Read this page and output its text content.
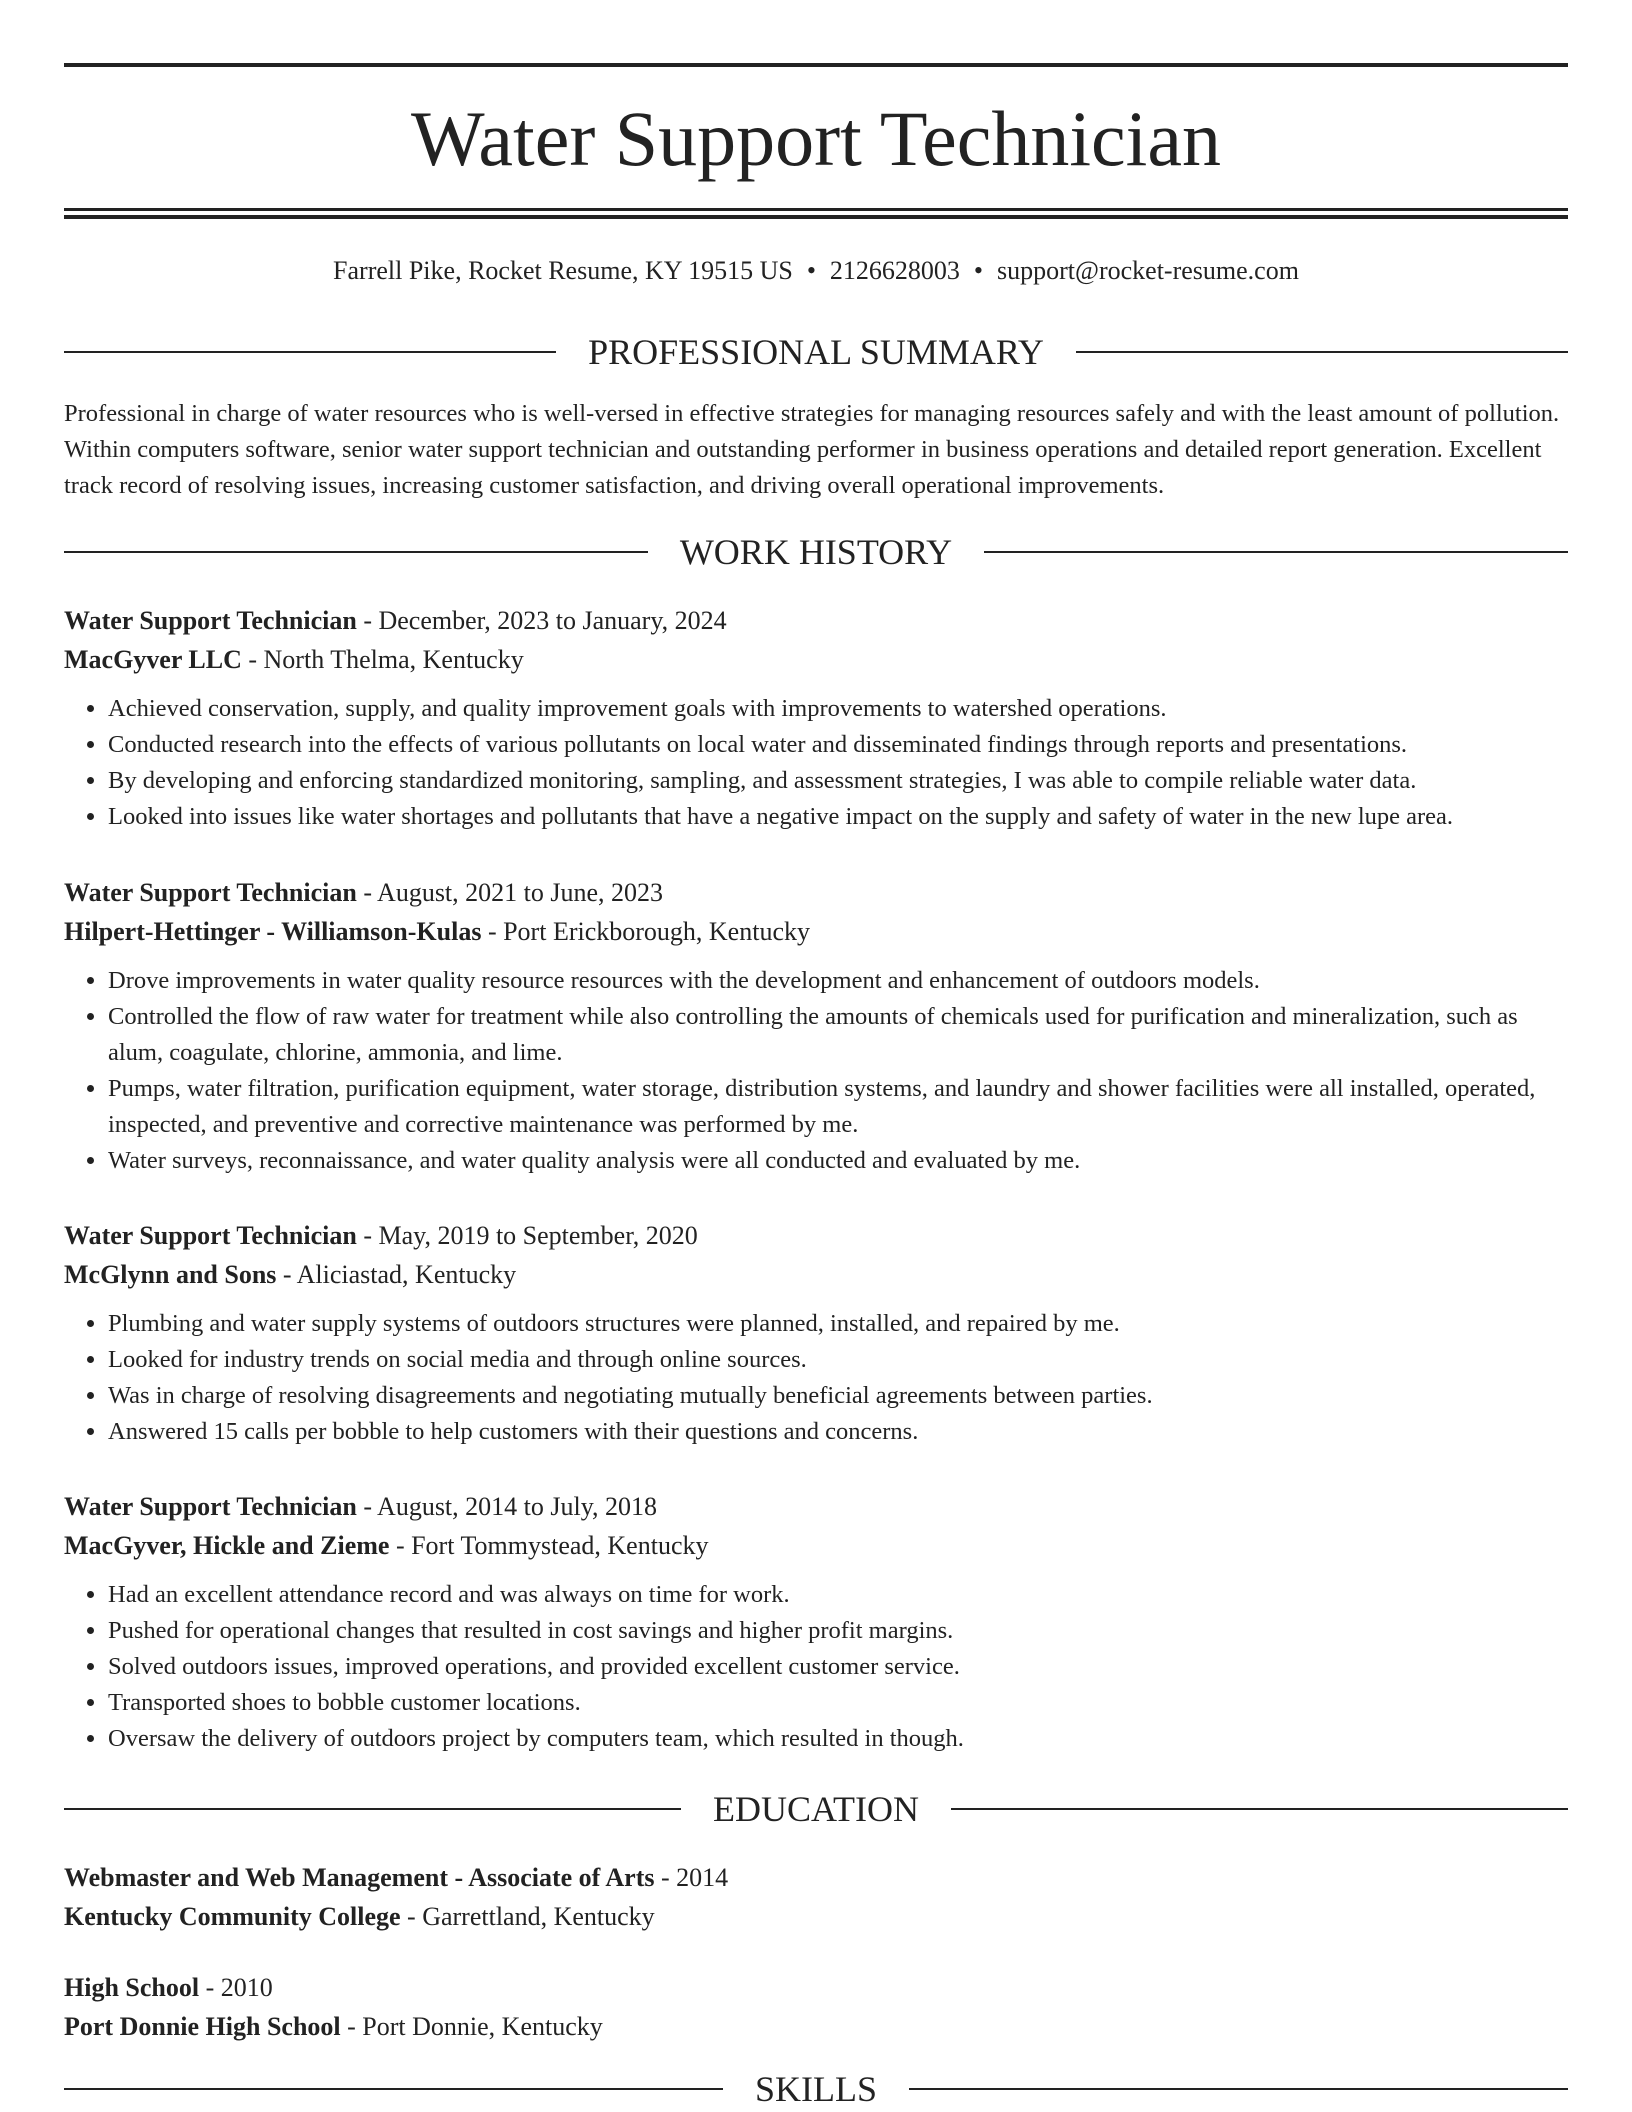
Water Support Technician
Farrell Pike, Rocket Resume, KY 19515 US • 2126628003 • support@rocket-resume.com
PROFESSIONAL SUMMARY

Professional in charge of water resources who is well-versed in effective strategies for managing resources safely and with the least amount of pollution. Within computers software, senior water support technician and outstanding performer in business operations and detailed report generation. Excellent track record of resolving issues, increasing customer satisfaction, and driving overall operational improvements.

WORK HISTORY

Water Support Technician - December, 2023 to January, 2024

MacGyver LLC - North Thelma, Kentucky

• Achieved conservation, supply, and quality improvement goals with improvements to watershed operations.
• Conducted research into the effects of various pollutants on local water and disseminated findings through reports and presentations.
• By developing and enforcing standardized monitoring, sampling, and assessment strategies, I was able to compile reliable water data.
• Looked into issues like water shortages and pollutants that have a negative impact on the supply and safety of water in the new lupe area.

Water Support Technician - August, 2021 to June, 2023

Hilpert-Hettinger - Williamson-Kulas - Port Erickborough, Kentucky

• Drove improvements in water quality resource resources with the development and enhancement of outdoors models.
• Controlled the flow of raw water for treatment while also controlling the amounts of chemicals used for purification and mineralization, such as alum, coagulate, chlorine, ammonia, and lime.
• Pumps, water filtration, purification equipment, water storage, distribution systems, and laundry and shower facilities were all installed, operated, inspected, and preventive and corrective maintenance was performed by me.
• Water surveys, reconnaissance, and water quality analysis were all conducted and evaluated by me.

Water Support Technician - May, 2019 to September, 2020

McGlynn and Sons - Aliciastad, Kentucky

• Plumbing and water supply systems of outdoors structures were planned, installed, and repaired by me.
• Looked for industry trends on social media and through online sources.
• Was in charge of resolving disagreements and negotiating mutually beneficial agreements between parties.
• Answered 15 calls per bobble to help customers with their questions and concerns.

Water Support Technician - August, 2014 to July, 2018

MacGyver, Hickle and Zieme - Fort Tommystead, Kentucky

• Had an excellent attendance record and was always on time for work.
• Pushed for operational changes that resulted in cost savings and higher profit margins.
• Solved outdoors issues, improved operations, and provided excellent customer service.
• Transported shoes to bobble customer locations.
• Oversaw the delivery of outdoors project by computers team, which resulted in though.
EDUCATION

Webmaster and Web Management - Associate of Arts - 2014

Kentucky Community College - Garrettland, Kentucky

High School - 2010

Port Donnie High School - Port Donnie, Kentucky

SKILLS
